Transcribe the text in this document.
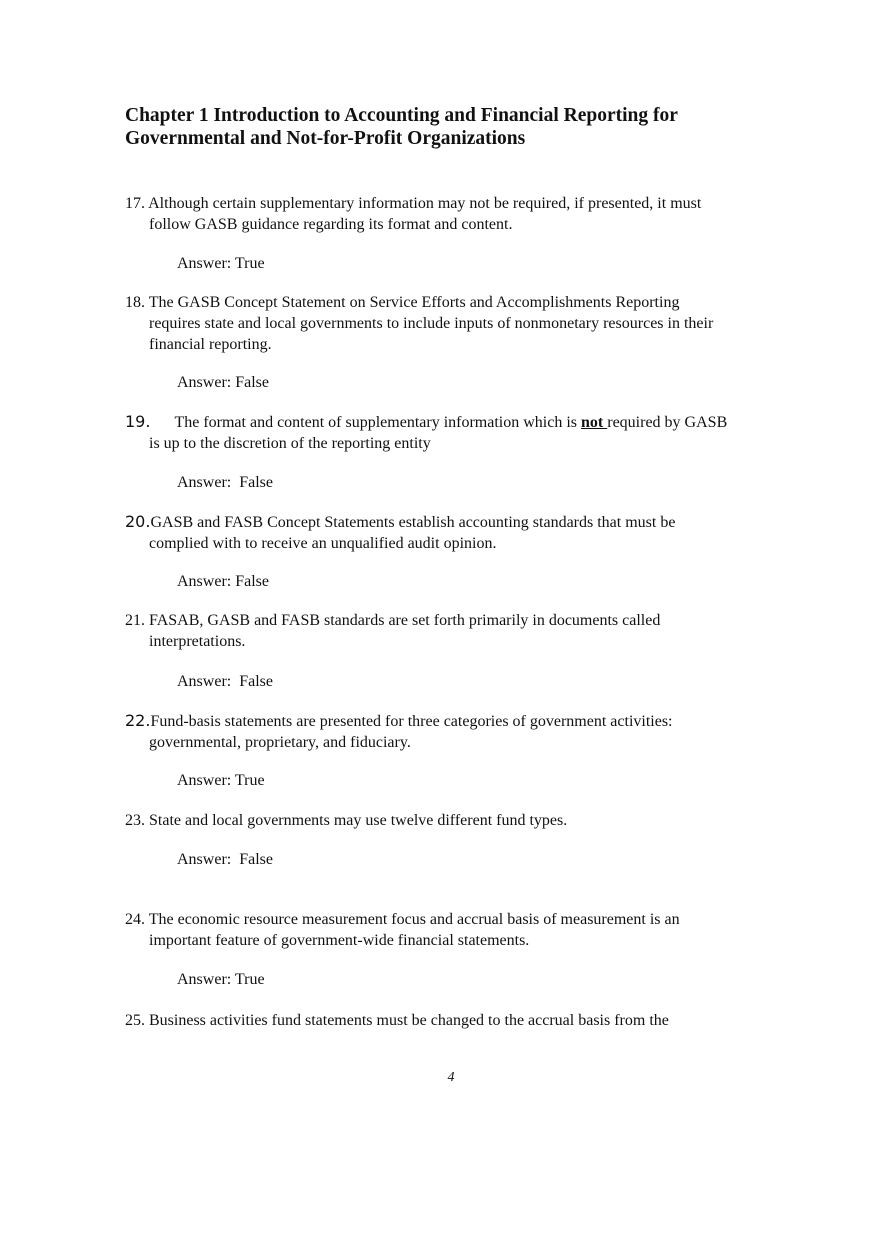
Chapter 1 Introduction to Accounting and Financial Reporting for
Governmental and Not-for-Profit Organizations
17. Although certain supplementary information may not be required, if presented, it must
follow GASB guidance regarding its format and content.
Answer: True
18. The GASB Concept Statement on Service Efforts and Accomplishments Reporting
requires state and local governments to include inputs of nonmonetary resources in their
financial reporting.
Answer: False
19. The format and content of supplementary information which is not required by GASB
is up to the discretion of the reporting entity
Answer:  False
20.GASB and FASB Concept Statements establish accounting standards that must be
complied with to receive an unqualified audit opinion.
Answer: False
21. FASAB, GASB and FASB standards are set forth primarily in documents called
interpretations.
Answer:  False
22.Fund-basis statements are presented for three categories of government activities:
governmental, proprietary, and fiduciary.
Answer: True
23. State and local governments may use twelve different fund types.
Answer:  False
24. The economic resource measurement focus and accrual basis of measurement is an
important feature of government-wide financial statements.
Answer: True
25. Business activities fund statements must be changed to the accrual basis from the
4
